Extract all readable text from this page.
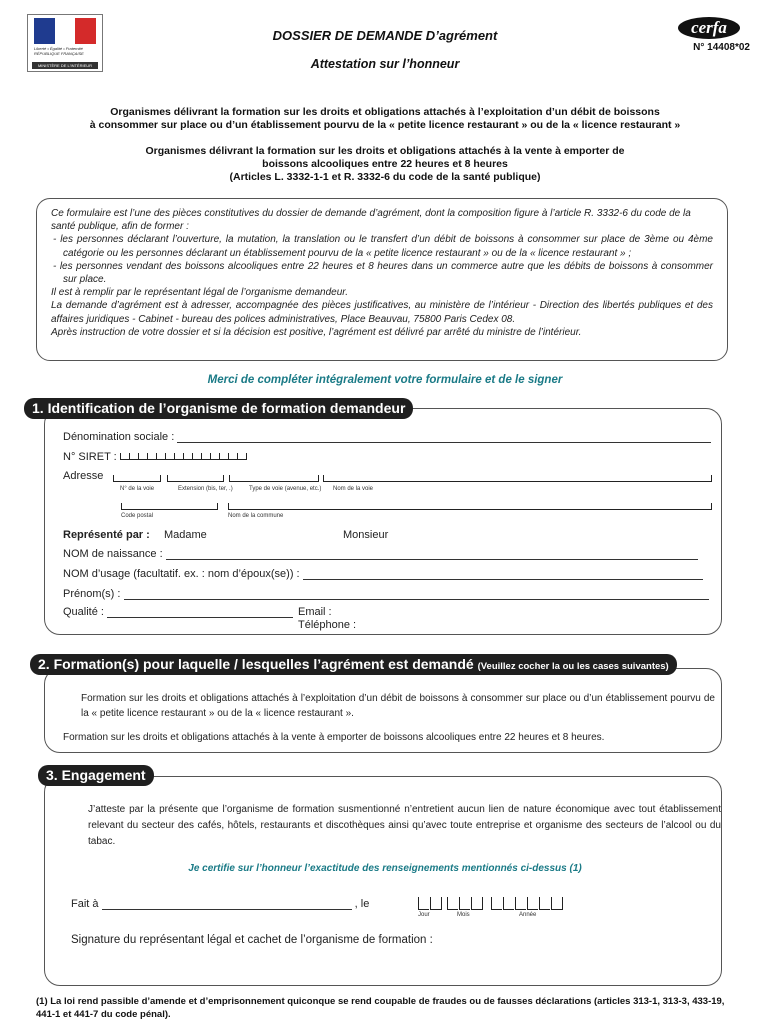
Liberté • Égalité • Fraternité
RÉPUBLIQUE FRANÇAISE
MINISTÈRE DE L'INTÉRIEUR
cerfa
N° 14408*02
DOSSIER DE DEMANDE D’agrément
Attestation sur l’honneur
Organismes délivrant la formation sur les droits et obligations attachés à l’exploitation d’un débit de boissons
à consommer sur place ou d’un établissement pourvu de la « petite licence restaurant » ou de la « licence restaurant »
Organismes délivrant la formation sur les droits et obligations attachés à la vente à emporter de
boissons alcooliques entre 22 heures et 8 heures
(Articles L. 3332-1-1 et R. 3332-6 du code de la santé publique)

Ce formulaire est l’une des pièces constitutives du dossier de demande d’agrément, dont la composition figure à l’article R. 3332-6 du code de la santé publique, afin de former :

- les personnes déclarant l’ouverture, la mutation, la translation ou le transfert d’un débit de boissons à consommer sur place de 3ème ou 4ème catégorie ou les personnes déclarant un établissement pourvu de la « petite licence restaurant » ou de la « licence restaurant » ;

- les personnes vendant des boissons alcooliques entre 22 heures et 8 heures dans un commerce autre que les débits de boissons à consommer sur place.

Il est à remplir par le représentant légal de l’organisme demandeur.

La demande d’agrément est à adresser, accompagnée des pièces justificatives, au ministère de l’intérieur - Direction des libertés publiques et des affaires juridiques - Cabinet - bureau des polices administratives, Place Beauvau, 75800 Paris Cedex 08.

Après instruction de votre dossier et si la décision est positive, l’agrément est délivré par arrêté du ministre de l’intérieur.

Merci de compléter intégralement votre formulaire et de le signer
1. Identification de l’organisme de formation demandeur
Dénomination sociale :
N° SIRET :
Adresse
N° de la voie	Extension (bis, ter, .)	Type de voie (avenue, etc.) Nom de la voie
Code postal	Nom de la commune
Représenté par : Madame	Monsieur
NOM de naissance :
NOM d’usage (facultatif. ex. : nom d’époux(se)) :
Prénom(s) :
Qualité :	Email :
Téléphone :
2. Formation(s) pour laquelle / lesquelles l’agrément est demandé (Veuillez cocher la ou les cases suivantes)
Formation sur les droits et obligations attachés à l’exploitation d’un débit de boissons à consommer sur place ou d’un établissement pourvu de la « petite licence restaurant » ou de la « licence restaurant ».
Formation sur les droits et obligations attachés à la vente à emporter de boissons alcooliques entre 22 heures et 8 heures.
3. Engagement
J’atteste par la présente que l’organisme de formation susmentionné n’entretient aucun lien de nature économique avec tout établissement relevant du secteur des cafés, hôtels, restaurants et discothèques ainsi qu’avec toute entreprise et organisme des secteurs de l’alcool ou du tabac.
Je certifie sur l’honneur l’exactitude des renseignements mentionnés ci-dessus (1)
Fait à	, le
Jour	Mois	Année
Signature du représentant légal et cachet de l’organisme de formation :
(1) La loi rend passible d’amende et d’emprisonnement quiconque se rend coupable de fraudes ou de fausses déclarations (articles 313-1, 313-3, 433-19, 441-1 et 441-7 du code pénal).
